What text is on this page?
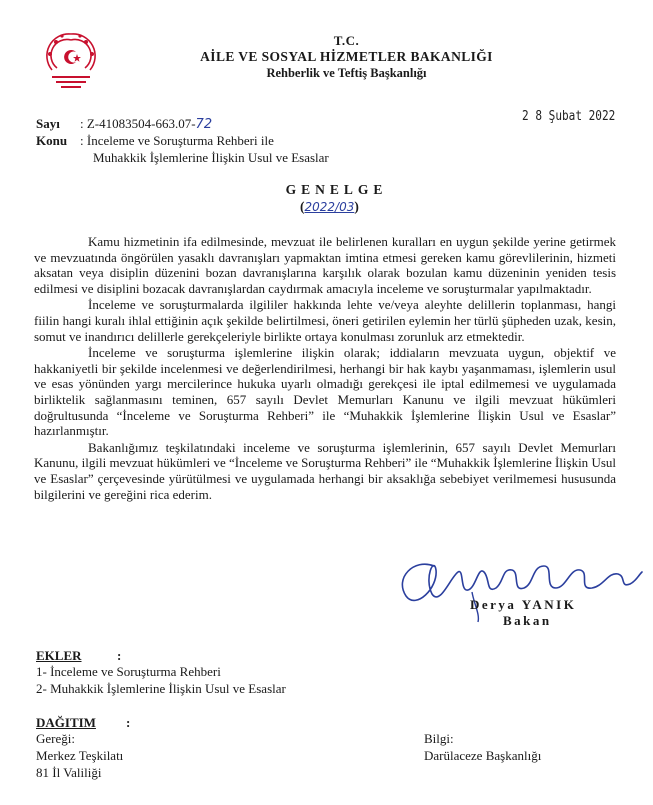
T.C.
AİLE VE SOSYAL HİZMETLER BAKANLIĞI
Rehberlik ve Teftiş Başkanlığı
Sayı : Z-41083504-663.07-72
Konu : İnceleme ve Soruşturma Rehberi ile
Muhakkik İşlemlerine İlişkin Usul ve Esaslar
2 8 Şubat 2022
GENELGE
(2022/03)

Kamu hizmetinin ifa edilmesinde, mevzuat ile belirlenen kuralları en uygun şekilde yerine getirmek ve mevzuatında öngörülen yasaklı davranışları yapmaktan imtina etmesi gereken kamu görevlilerinin, hizmeti aksatan veya disiplin düzenini bozan davranışlarına karşılık olarak bozulan kamu düzeninin yeniden tesis edilmesi ve disiplini bozacak davranışlardan caydırmak amacıyla inceleme ve soruşturmalar yapılmaktadır.

İnceleme ve soruşturmalarda ilgililer hakkında lehte ve/veya aleyhte delillerin toplanması, hangi fiilin hangi kuralı ihlal ettiğinin açık şekilde belirtilmesi, öneri getirilen eylemin her türlü şüpheden uzak, kesin, somut ve inandırıcı delillerle gerekçeleriyle birlikte ortaya konulması zorunluk arz etmektedir.

İnceleme ve soruşturma işlemlerine ilişkin olarak; iddiaların mevzuata uygun, objektif ve hakkaniyetli bir şekilde incelenmesi ve değerlendirilmesi, herhangi bir hak kaybı yaşanmaması, işlemlerin usul ve esas yönünden yargı mercilerince hukuka uyarlı olmadığı gerekçesi ile iptal edilmemesi ve uygulamada birliktelik sağlanmasını teminen, 657 sayılı Devlet Memurları Kanunu ve ilgili mevzuat hükümleri doğrultusunda “İnceleme ve Soruşturma Rehberi” ile “Muhakkik İşlemlerine İlişkin Usul ve Esaslar” hazırlanmıştır.

Bakanlığımız teşkilatındaki inceleme ve soruşturma işlemlerinin, 657 sayılı Devlet Memurları Kanunu, ilgili mevzuat hükümleri ve “İnceleme ve Soruşturma Rehberi” ile “Muhakkik İşlemlerine İlişkin Usul ve Esaslar” çerçevesinde yürütülmesi ve uygulamada herhangi bir aksaklığa sebebiyet verilmemesi hususunda bilgilerini ve gereğini rica ederim.

Derya YANIK
Bakan
EKLER	:
1- İnceleme ve Soruşturma Rehberi
2- Muhakkik İşlemlerine İlişkin Usul ve Esaslar
DAĞITIM :
Gereği:
Merkez Teşkilatı
81 İl Valiliği
Bilgi:
Darülaceze Başkanlığı
